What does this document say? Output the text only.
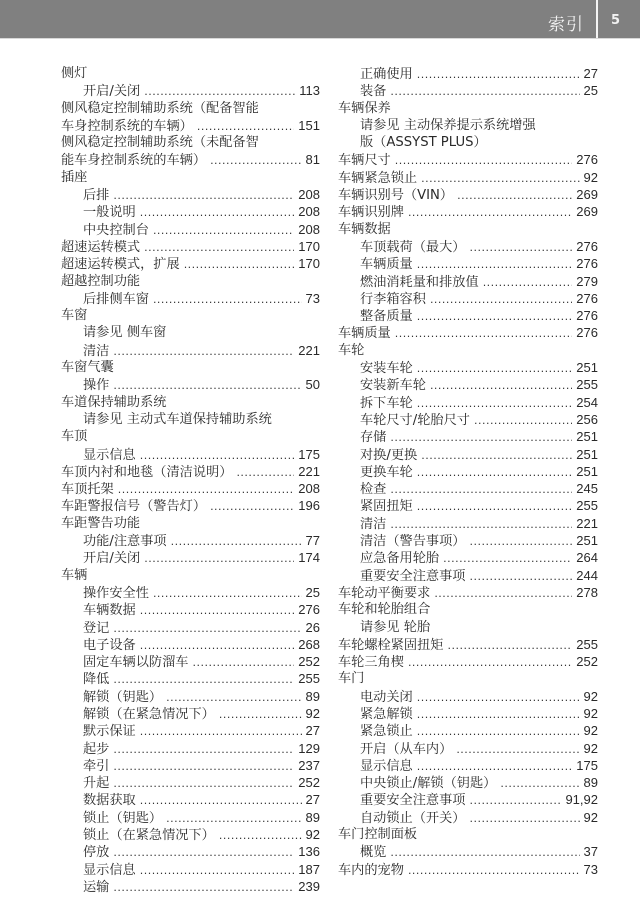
索引 5
侧灯
开启/关闭 .....	113
侧风稳定控制辅助系统（配备智能
车身控制系统的车辆） .....	151
侧风稳定控制辅助系统（未配备智
能车身控制系统的车辆） .....	81
插座
后排 .....	208
一般说明 .....	208
中央控制台 .....	208
超速运转模式 .....	170
超速运转模式，扩展 .....	170
超越控制功能
后排侧车窗 .....	73
车窗
请参见 侧车窗
清洁 .....	221
车窗气囊
操作 .....	50
车道保持辅助系统
请参见 主动式车道保持辅助系统
车顶
显示信息 .....	175
车顶内衬和地毯（清洁说明） .....	221
车顶托架 .....	208
车距警报信号（警告灯） .....	196
车距警告功能
功能/注意事项 .....	77
开启/关闭 .....	174
车辆
操作安全性 .....	25
车辆数据 .....	276
登记 .....	26
电子设备 .....	268
固定车辆以防溜车 .....	252
降低 .....	255
解锁（钥匙） .....	89
解锁（在紧急情况下） .....	92
默示保证 .....	27
起步 .....	129
牵引 .....	237
升起 .....	252
数据获取 .....	27
锁止（钥匙） .....	89
锁止（在紧急情况下） .....	92
停放 .....	136
显示信息 .....	187
运输 .....	239
正确使用 .....	27
装备 .....	25
车辆保养
请参见 主动保养提示系统增强
版（ASSYST PLUS）
车辆尺寸 .....	276
车辆紧急锁止 .....	92
车辆识别号（VIN） .....	269
车辆识别牌 .....	269
车辆数据
车顶载荷（最大） .....	276
车辆质量 .....	276
燃油消耗量和排放值 .....	279
行李箱容积 .....	276
整备质量 .....	276
车辆质量 .....	276
车轮
安装车轮 .....	251
安装新车轮 .....	255
拆下车轮 .....	254
车轮尺寸/轮胎尺寸 .....	256
存储 .....	251
对换/更换 .....	251
更换车轮 .....	251
检查 .....	245
紧固扭矩 .....	255
清洁 .....	221
清洁（警告事项） .....	251
应急备用轮胎 .....	264
重要安全注意事项 .....	244
车轮动平衡要求 .....	278
车轮和轮胎组合
请参见 轮胎
车轮螺栓紧固扭矩 .....	255
车轮三角楔 .....	252
车门
电动关闭 .....	92
紧急解锁 .....	92
紧急锁止 .....	92
开启（从车内） .....	92
显示信息 .....	175
中央锁止/解锁（钥匙） .....	89
重要安全注意事项 .....	91,92
自动锁止（开关） .....	92
车门控制面板
概览 .....	37
车内的宠物 .....	73
